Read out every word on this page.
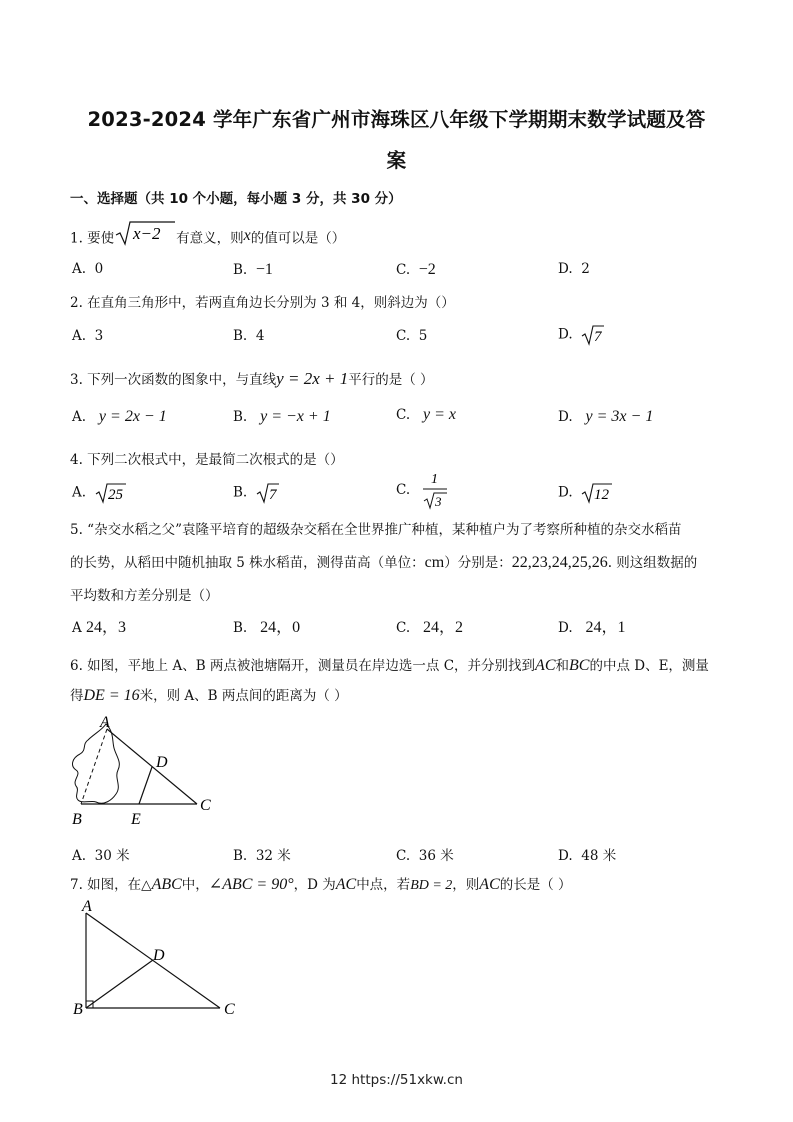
2023-2024 学年广东省广州市海珠区八年级下学期期末数学试题及答
案
一、选择题（共 10 个小题，每小题 3 分，共 30 分）
1. 要使 x−2 有意义，则x的值可以是（）
A. 0	B. −1	C. −2	D. 2
2. 在直角三角形中，若两直角边长分别为 3 和 4，则斜边为（）
A. 3	B. 4	C. 5	D. 7
3. 下列一次函数的图象中，与直线y = 2x + 1平行的是（ ）
A. y = 2x − 1	B. y = −x + 1	C. y = x	D. y = 3x − 1
4. 下列二次根式中，是最简二次根式的是（）
A. 25	B. 7	C.
1
3
D. 12
5. “杂交水稻之父”袁隆平培育的超级杂交稻在全世界推广种植，某种植户为了考察所种植的杂交水稻苗
的长势，从稻田中随机抽取 5 株水稻苗，测得苗高（单位：cm）分别是：22,23,24,25,26. 则这组数据的
平均数和方差分别是（）
A 24，3	B. 24，0	C. 24，2	D. 24，1
6. 如图，平地上 A、B 两点被池塘隔开，测量员在岸边选一点 C，并分别找到AC和BC的中点 D、E，测量
得DE = 16米，则 A、B 两点间的距离为（ ）
A
D
C
B	E
A. 30 米	B. 32 米	C. 36 米	D. 48 米
7. 如图，在△ABC中，∠ABC = 90°，D 为AC中点，若BD = 2，则AC的长是（ ）
A
D
B	C
12 https://51xkw.cn
